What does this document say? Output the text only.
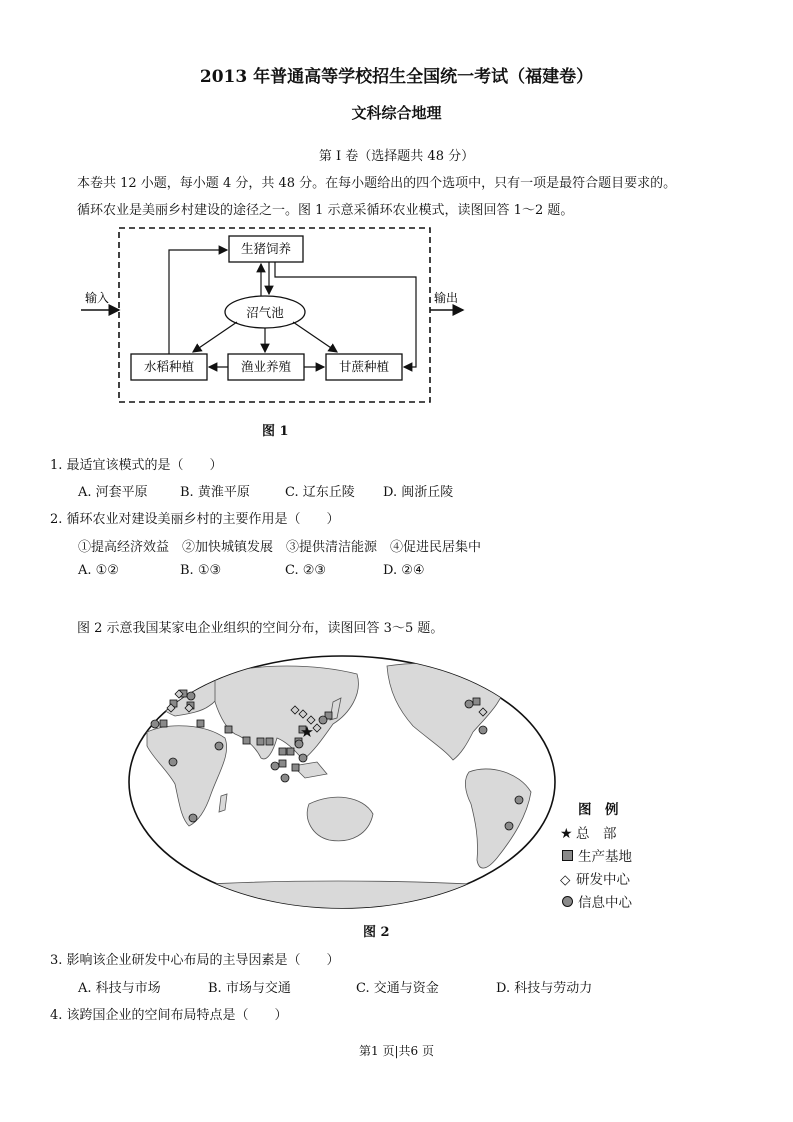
2013 年普通高等学校招生全国统一考试（福建卷）
文科综合地理
第 I 卷（选择题共 48 分）
本卷共 12 小题，每小题 4 分，共 48 分。在每小题给出的四个选项中，只有一项是最符合题目要求的。
循环农业是美丽乡村建设的途径之一。图 1 示意采循环农业模式，读图回答 1～2 题。
输入	输出
生猪饲养
沼气池
水稻种植	渔业养殖	甘蔗种植
图 1
1. 最适宜该模式的是（　　）
A. 河套平原 B. 黄淮平原	C. 辽东丘陵 D. 闽浙丘陵
2. 循环农业对建设美丽乡村的主要作用是（　　）
①提高经济效益　②加快城镇发展　③提供清洁能源　④促进民居集中
A. ①②	B. ①③	C. ②③	D. ②④
图 2 示意我国某家电企业组织的空间分布，读图回答 3～5 题。
图　例
★ 总　部
生产基地
◇ 研发中心
信息中心
图 2
3. 影响该企业研发中心布局的主导因素是（　　）
A. 科技与市场	B. 市场与交通	C. 交通与资金	D. 科技与劳动力
4. 该跨国企业的空间布局特点是（　　）
第1 页|共6 页
